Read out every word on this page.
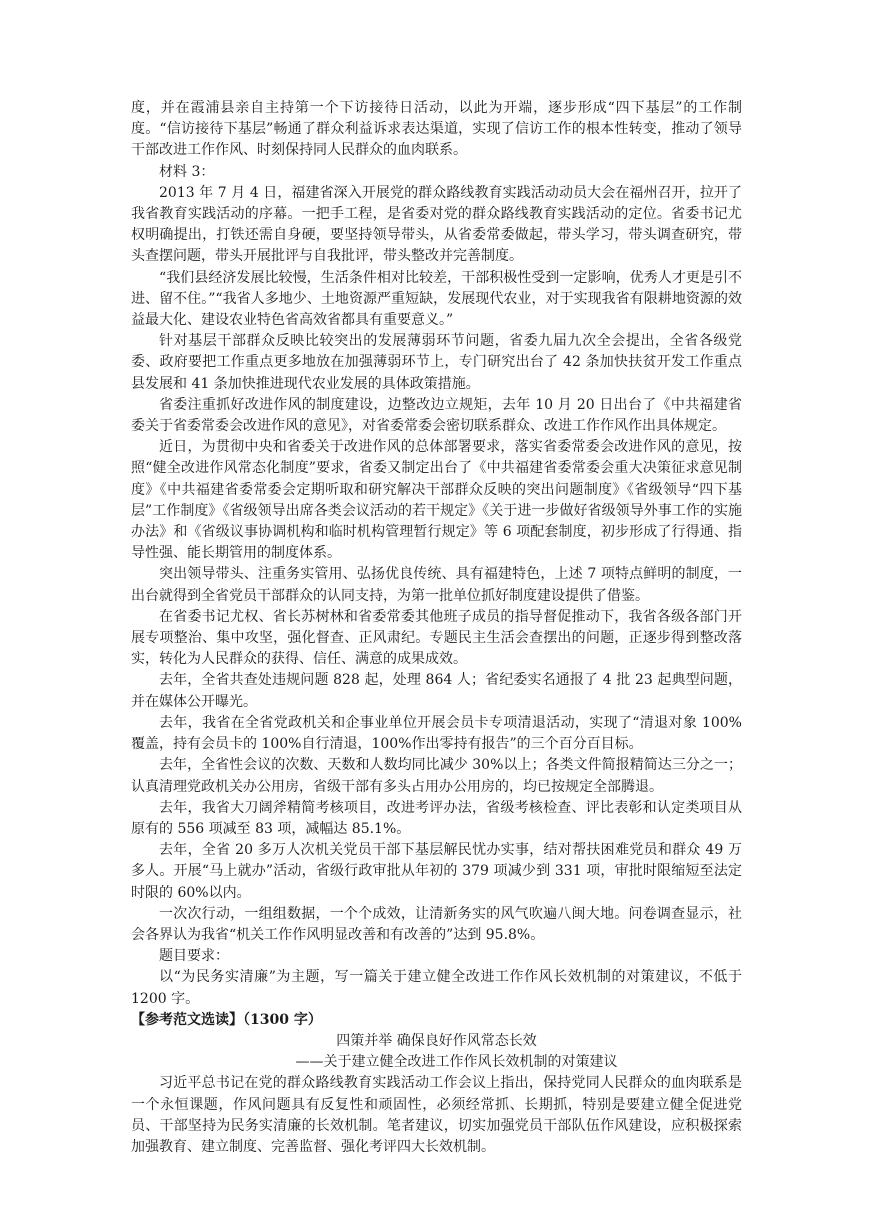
度，并在霞浦县亲自主持第一个下访接待日活动，以此为开端，逐步形成“四下基层”的工作制度。“信访接待下基层”畅通了群众利益诉求表达渠道，实现了信访工作的根本性转变，推动了领导干部改进工作作风、时刻保持同人民群众的血肉联系。

材料 3：

2013 年 7 月 4 日，福建省深入开展党的群众路线教育实践活动动员大会在福州召开，拉开了我省教育实践活动的序幕。一把手工程，是省委对党的群众路线教育实践活动的定位。省委书记尤权明确提出，打铁还需自身硬，要坚持领导带头，从省委常委做起，带头学习，带头调查研究，带头查摆问题，带头开展批评与自我批评，带头整改并完善制度。

“我们县经济发展比较慢，生活条件相对比较差，干部积极性受到一定影响，优秀人才更是引不进、留不住。”“我省人多地少、土地资源严重短缺，发展现代农业，对于实现我省有限耕地资源的效益最大化、建设农业特色省高效省都具有重要意义。”

针对基层干部群众反映比较突出的发展薄弱环节问题，省委九届九次全会提出，全省各级党委、政府要把工作重点更多地放在加强薄弱环节上，专门研究出台了 42 条加快扶贫开发工作重点县发展和 41 条加快推进现代农业发展的具体政策措施。

省委注重抓好改进作风的制度建设，边整改边立规矩，去年 10 月 20 日出台了《中共福建省委关于省委常委会改进作风的意见》，对省委常委会密切联系群众、改进工作作风作出具体规定。

近日，为贯彻中央和省委关于改进作风的总体部署要求，落实省委常委会改进作风的意见，按照“健全改进作风常态化制度”要求，省委又制定出台了《中共福建省委常委会重大决策征求意见制度》《中共福建省委常委会定期听取和研究解决干部群众反映的突出问题制度》《省级领导“四下基层”工作制度》《省级领导出席各类会议活动的若干规定》《关于进一步做好省级领导外事工作的实施办法》和《省级议事协调机构和临时机构管理暂行规定》等 6 项配套制度，初步形成了行得通、指导性强、能长期管用的制度体系。

突出领导带头、注重务实管用、弘扬优良传统、具有福建特色，上述 7 项特点鲜明的制度，一出台就得到全省党员干部群众的认同支持，为第一批单位抓好制度建设提供了借鉴。

在省委书记尤权、省长苏树林和省委常委其他班子成员的指导督促推动下，我省各级各部门开展专项整治、集中攻坚，强化督查、正风肃纪。专题民主生活会查摆出的问题，正逐步得到整改落实，转化为人民群众的获得、信任、满意的成果成效。

去年，全省共查处违规问题 828 起，处理 864 人；省纪委实名通报了 4 批 23 起典型问题，并在媒体公开曝光。

去年，我省在全省党政机关和企事业单位开展会员卡专项清退活动，实现了“清退对象 100%覆盖，持有会员卡的 100%自行清退，100%作出零持有报告”的三个百分百目标。

去年，全省性会议的次数、天数和人数均同比减少 30%以上；各类文件简报精简达三分之一；认真清理党政机关办公用房，省级干部有多头占用办公用房的，均已按规定全部腾退。

去年，我省大刀阔斧精简考核项目，改进考评办法，省级考核检查、评比表彰和认定类项目从原有的 556 项减至 83 项，减幅达 85.1%。

去年，全省 20 多万人次机关党员干部下基层解民忧办实事，结对帮扶困难党员和群众 49 万多人。开展“马上就办”活动，省级行政审批从年初的 379 项减少到 331 项，审批时限缩短至法定时限的 60%以内。

一次次行动，一组组数据，一个个成效，让清新务实的风气吹遍八闽大地。问卷调查显示，社会各界认为我省“机关工作作风明显改善和有改善的”达到 95.8%。

题目要求：

以“为民务实清廉”为主题，写一篇关于建立健全改进工作作风长效机制的对策建议，不低于 1200 字。

【参考范文选读】（1300 字）

四策并举 确保良好作风常态长效

——关于建立健全改进工作作风长效机制的对策建议

习近平总书记在党的群众路线教育实践活动工作会议上指出，保持党同人民群众的血肉联系是一个永恒课题，作风问题具有反复性和顽固性，必须经常抓、长期抓，特别是要建立健全促进党员、干部坚持为民务实清廉的长效机制。笔者建议，切实加强党员干部队伍作风建设，应积极探索加强教育、建立制度、完善监督、强化考评四大长效机制。
